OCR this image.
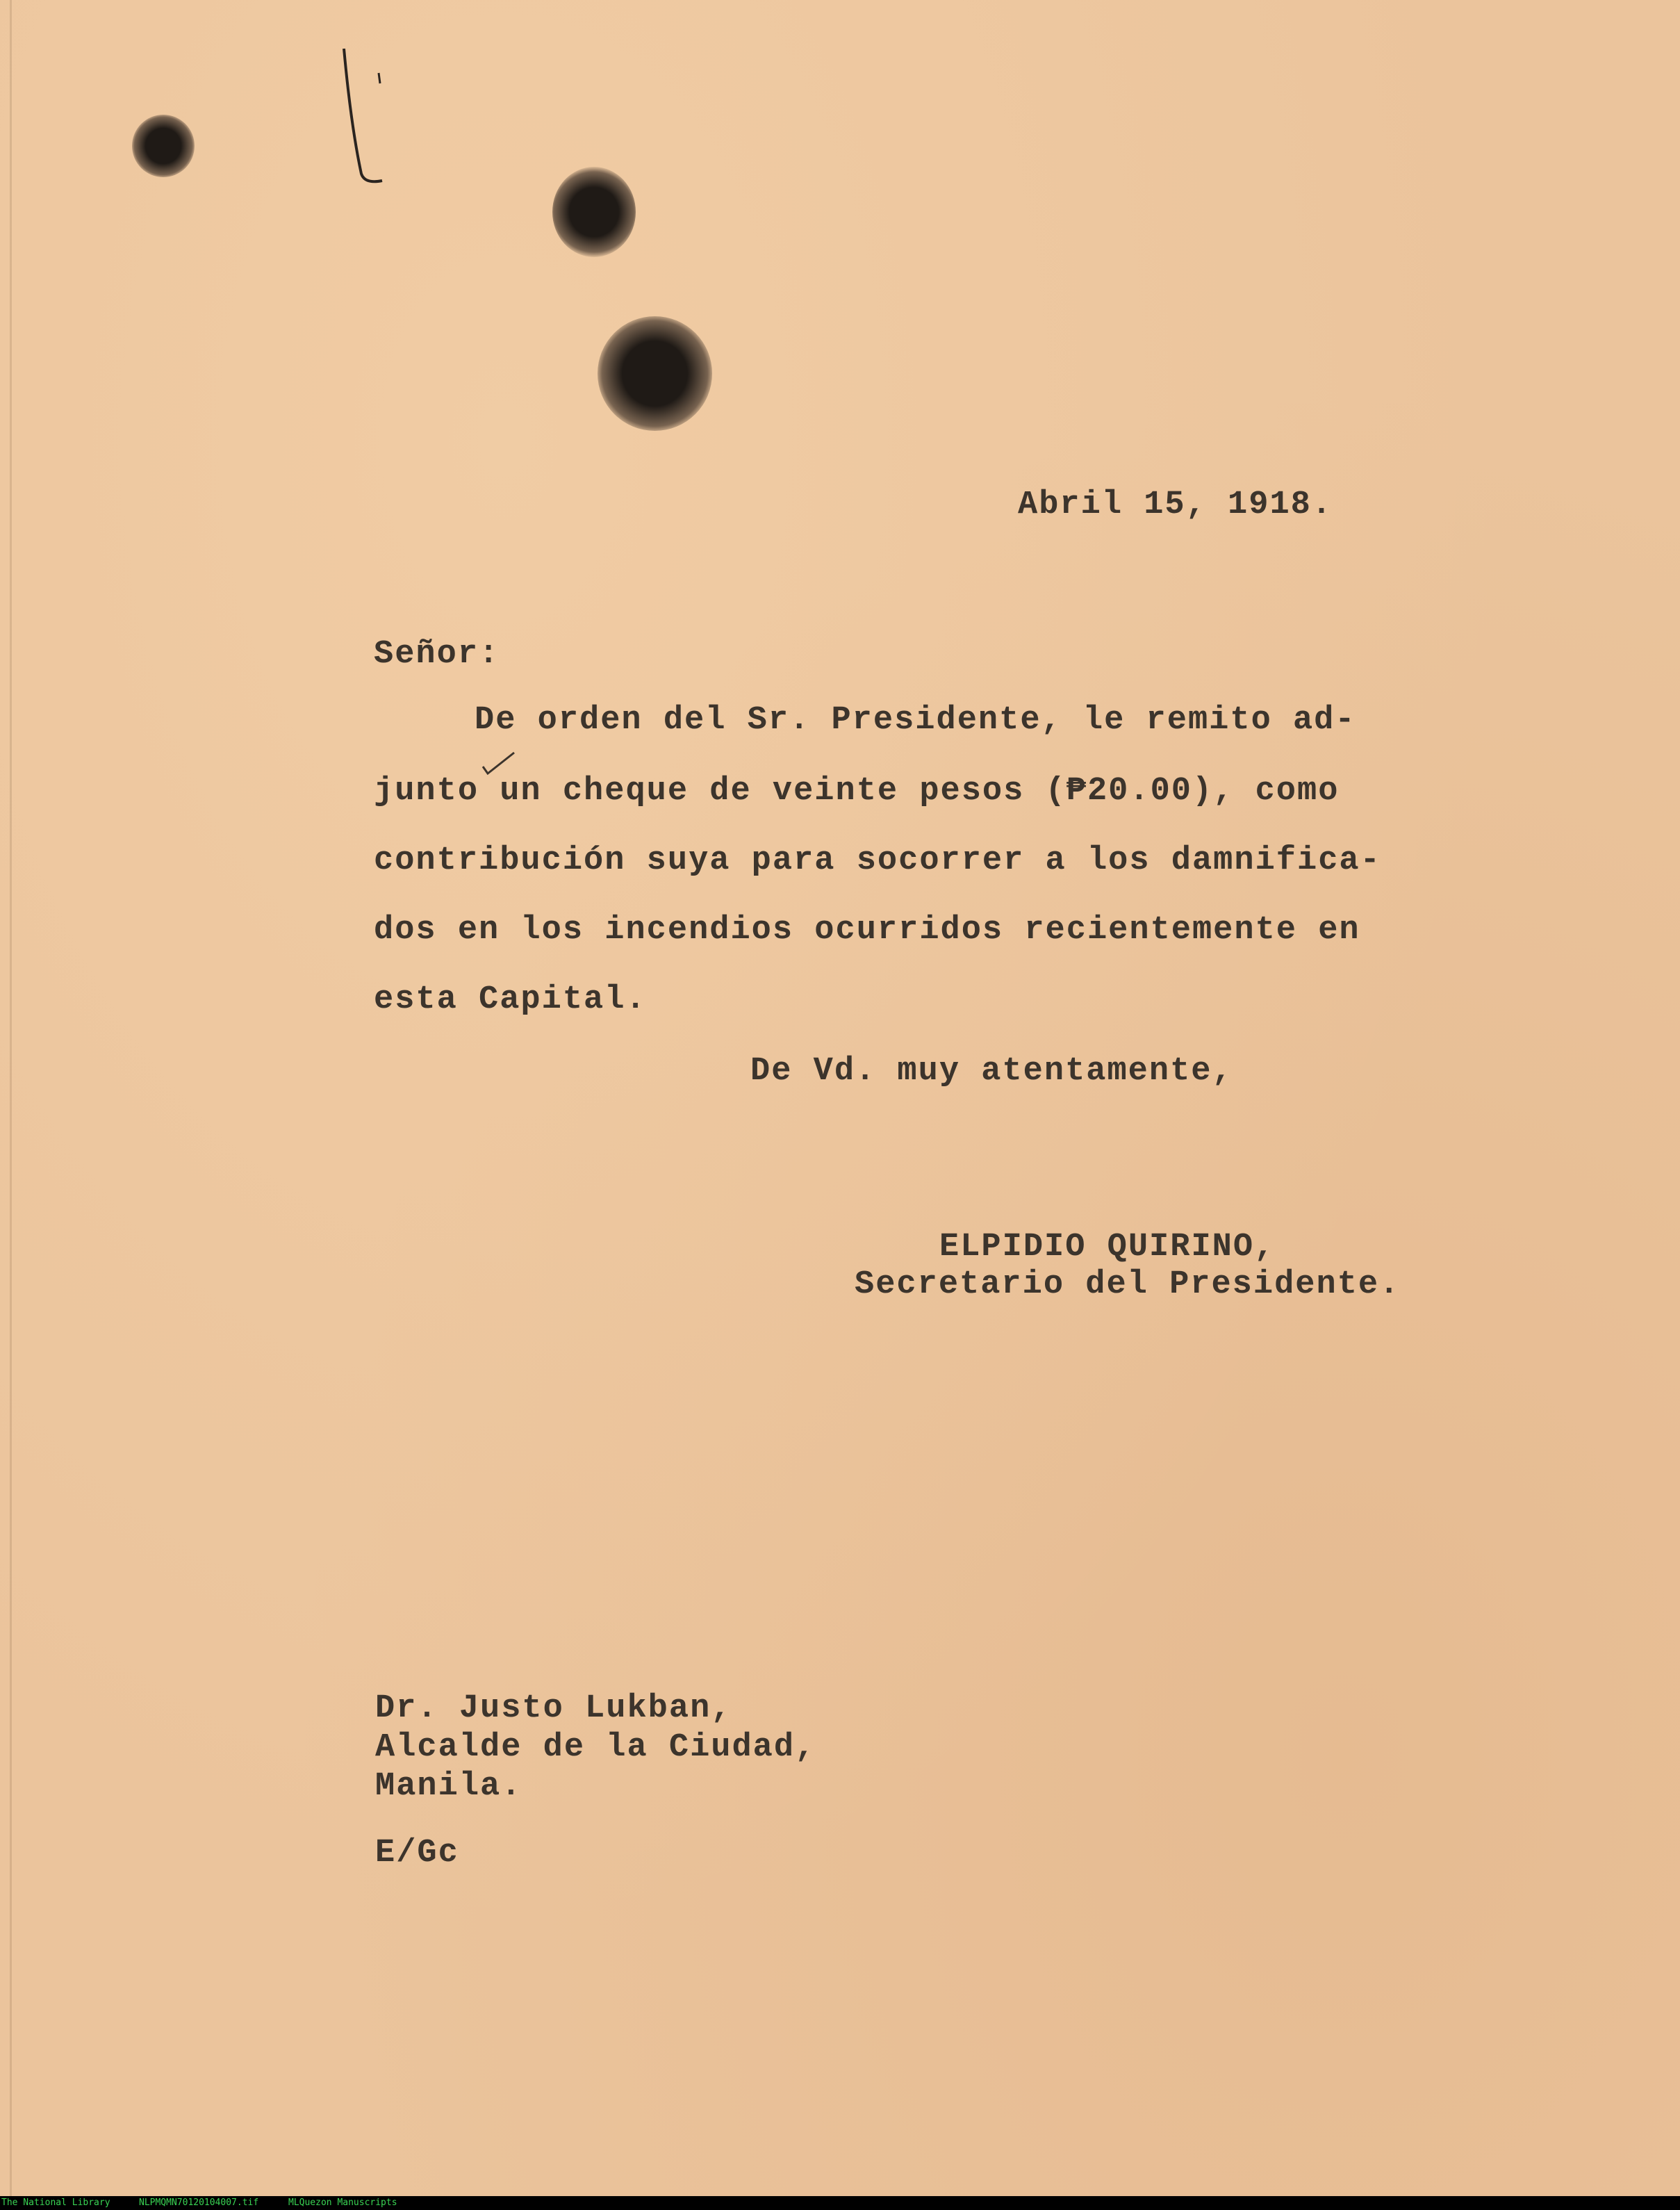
Abril 15, 1918.
Señor:
De orden del Sr. Presidente, le remito ad-
junto un cheque de veinte pesos (₱20.00), como
contribución suya para socorrer a los damnifica-
dos en los incendios ocurridos recientemente en
esta Capital.
De Vd. muy atentamente,
ELPIDIO QUIRINO,
Secretario del Presidente.
Dr. Justo Lukban,
Alcalde de la Ciudad,
Manila.
E/Gc
The National Library	NLPMQMN70120104007.tif	MLQuezon Manuscripts
